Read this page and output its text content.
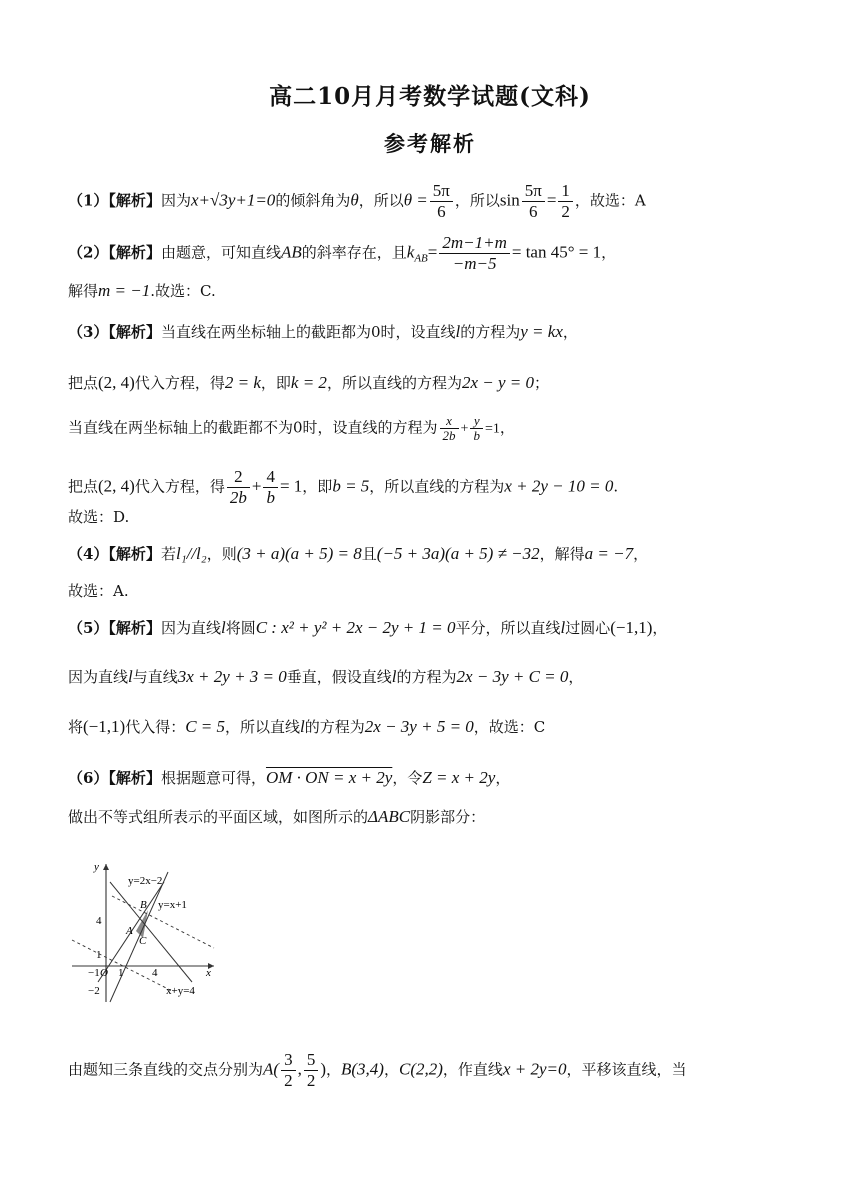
高二10月月考数学试题(文科)
参考解析
（1）【解析】因为x+√3y+1=0的倾斜角为θ，所以$\theta = \frac{5\pi}{6}$ ，所以$\sin \frac{5\pi}{6} = \frac{1}{2}$ ，故选：A
（2）【解析】由题意，可知直线AB的斜率存在，且$k_{AB}= \frac{2m-1+m}{-m-5} = \tan 45^\circ = 1$，
解得m = −1.故选：C.
（3）【解析】当直线在两坐标轴上的截距都为0时，设直线l的方程为y = kx，
把点(2, 4)代入方程，得2 = k，即k = 2，所以直线的方程为2x − y = 0；
当直线在两坐标轴上的截距都不为0时，设直线的方程为 $\frac{x}{2b} + \frac{y}{b} =1$，
把点(2, 4)代入方程，得 $\frac{2}{2b} + \frac{4}{b} = 1$，即b = 5，所以直线的方程为x + 2y − 10 = 0.
故选：D.
（4）【解析】若l₁//l₂，则(3 + a)(a + 5) = 8且(−5 + 3a)(a + 5) ≠ −32，解得a = −7，
故选：A.
（5）【解析】因为直线l将圆C : x² + y² + 2x − 2y + 1 = 0平分，所以直线l过圆心(−1,1)，
因为直线l与直线3x + 2y + 3 = 0垂直，假设直线l的方程为2x − 3y + C = 0，
将(−1,1)代入得：C = 5，所以直线l的方程为2x − 3y + 5 = 0，故选：C
（6）【解析】根据题意可得，OM · ON = x + 2y，令Z = x + 2y，
做出不等式组所表示的平面区域，如图所示的ΔABC阴影部分：
y
x
y=2x−2
y=x+1
x+y=4
B
A
C
4
1
−2
−1 O 1	4
由题知三条直线的交点分别为$A( \frac{3}{2}$ , $\frac{5}{2}$ )，B(3,4)，C(2,2)，作直线x + 2y=0，平移该直线，当
